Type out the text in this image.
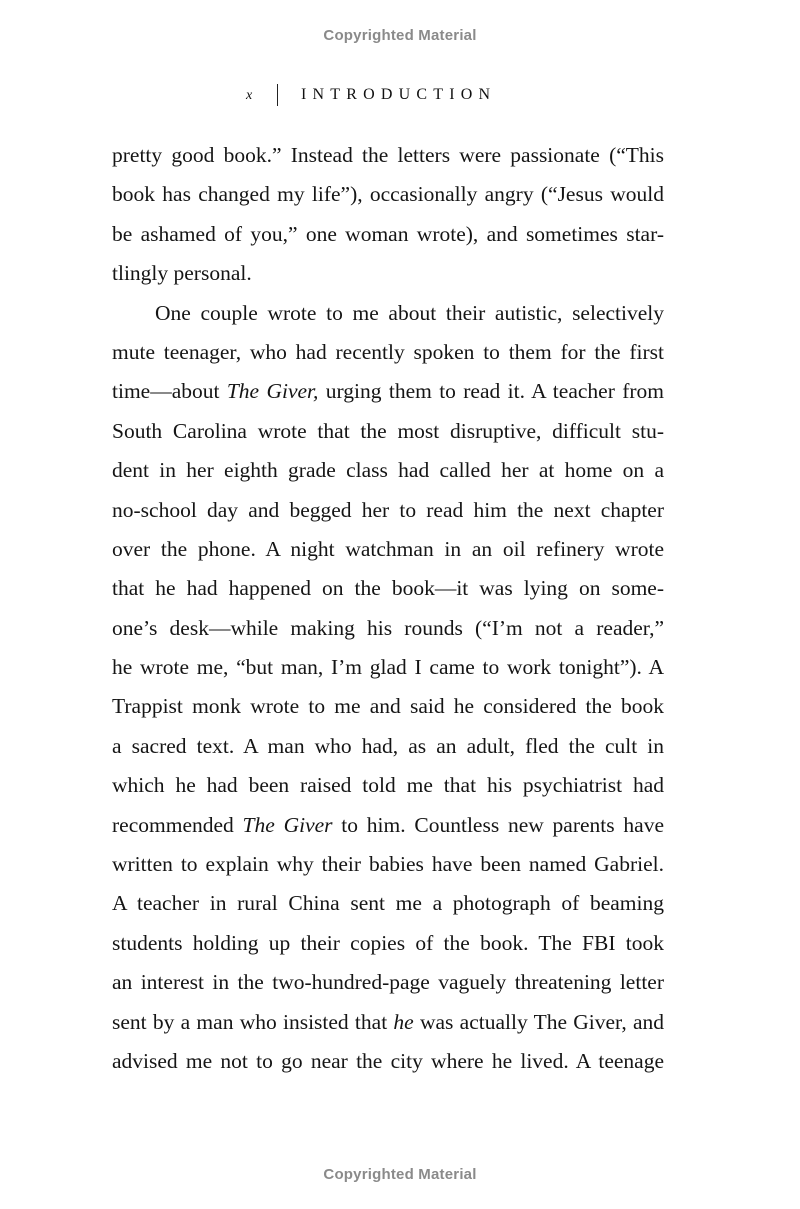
Copyrighted Material
x	INTRODUCTION
pretty good book.” Instead the letters were passionate (“This
book has changed my life”), occasionally angry (“Jesus would
be ashamed of you,” one woman wrote), and sometimes star-
tlingly personal.
One couple wrote to me about their autistic, selectively
mute teenager, who had recently spoken to them for the first
time—about The Giver, urging them to read it. A teacher from
South Carolina wrote that the most disruptive, difficult stu-
dent in her eighth grade class had called her at home on a
no-school day and begged her to read him the next chapter
over the phone. A night watchman in an oil refinery wrote
that he had happened on the book—it was lying on some-
one’s desk—while making his rounds (“I’m not a reader,”
he wrote me, “but man, I’m glad I came to work tonight”). A
Trappist monk wrote to me and said he considered the book
a sacred text. A man who had, as an adult, fled the cult in
which he had been raised told me that his psychiatrist had
recommended The Giver to him. Countless new parents have
written to explain why their babies have been named Gabriel.
A teacher in rural China sent me a photograph of beaming
students holding up their copies of the book. The FBI took
an interest in the two-hundred-page vaguely threatening letter
sent by a man who insisted that he was actually The Giver, and
advised me not to go near the city where he lived. A teenage
Copyrighted Material
